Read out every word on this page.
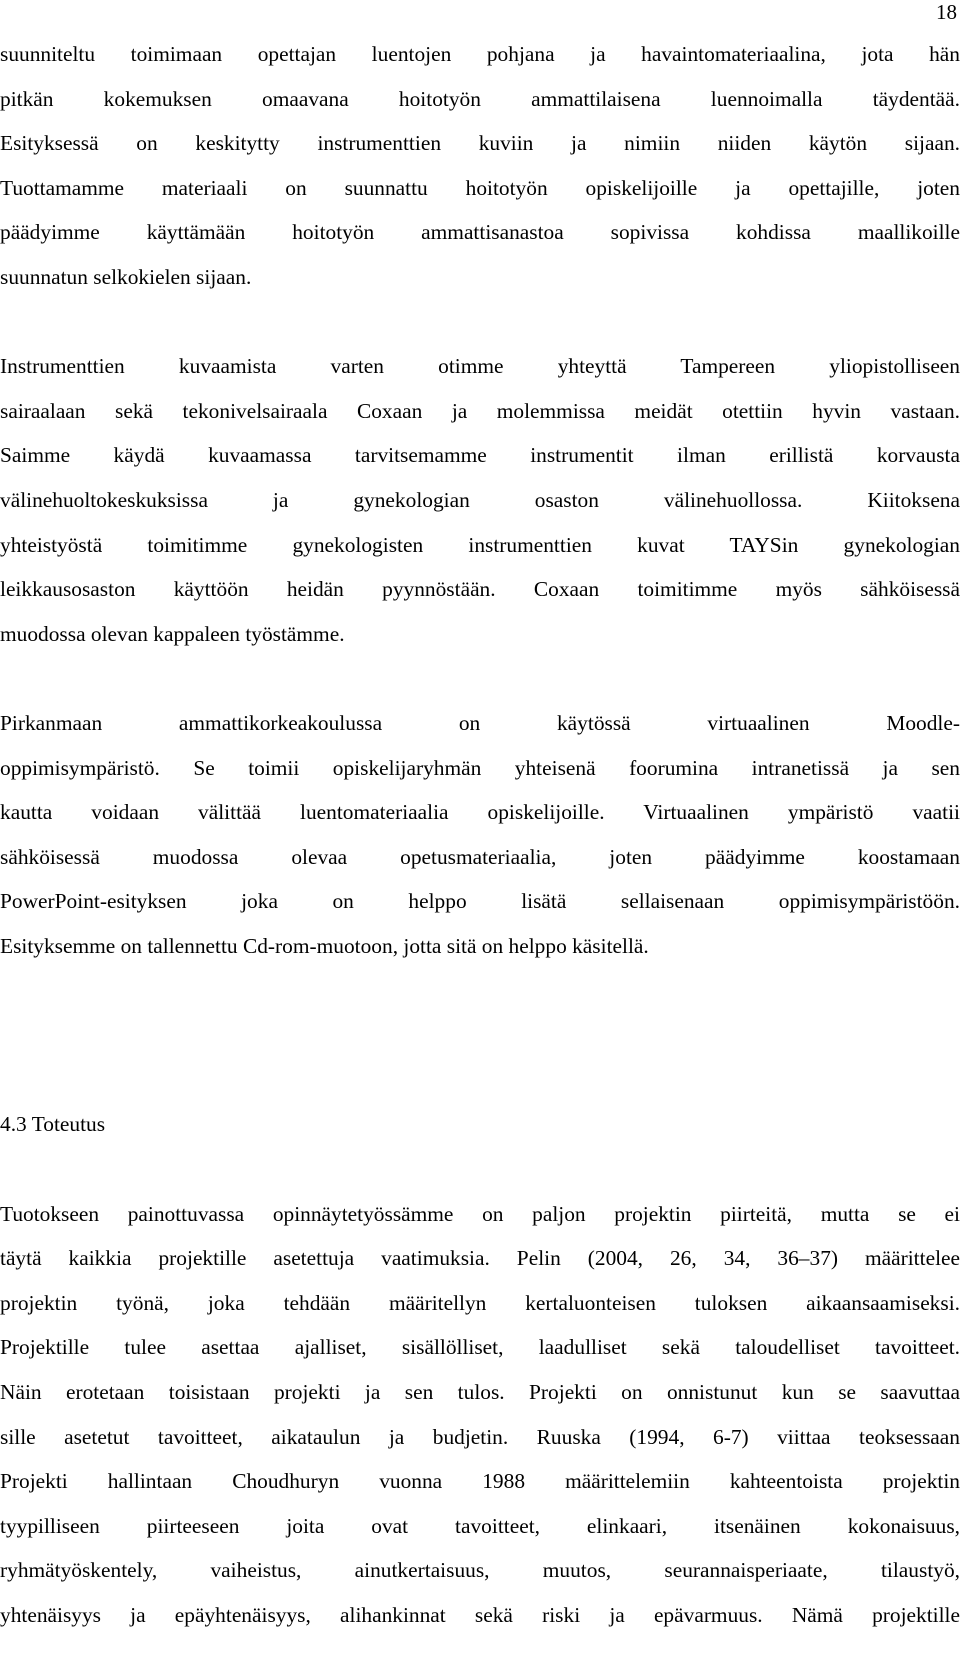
18
suunniteltu toimimaan opettajan luentojen pohjana ja havaintomateriaalina, jota hän
pitkän kokemuksen omaavana hoitotyön ammattilaisena luennoimalla täydentää.
Esityksessä on keskitytty instrumenttien kuviin ja nimiin niiden käytön sijaan.
Tuottamamme materiaali on suunnattu hoitotyön opiskelijoille ja opettajille, joten
päädyimme käyttämään hoitotyön ammattisanastoa sopivissa kohdissa maallikoille
suunnatun selkokielen sijaan.
Instrumenttien kuvaamista varten otimme yhteyttä Tampereen yliopistolliseen
sairaalaan sekä tekonivelsairaala Coxaan ja molemmissa meidät otettiin hyvin vastaan.
Saimme käydä kuvaamassa tarvitsemamme instrumentit ilman erillistä korvausta
välinehuoltokeskuksissa ja gynekologian osaston välinehuollossa. Kiitoksena
yhteistyöstä toimitimme gynekologisten instrumenttien kuvat TAYSin gynekologian
leikkausosaston käyttöön heidän pyynnöstään. Coxaan toimitimme myös sähköisessä
muodossa olevan kappaleen työstämme.
Pirkanmaan ammattikorkeakoulussa on käytössä virtuaalinen Moodle-
oppimisympäristö. Se toimii opiskelijaryhmän yhteisenä foorumina intranetissä ja sen
kautta voidaan välittää luentomateriaalia opiskelijoille. Virtuaalinen ympäristö vaatii
sähköisessä muodossa olevaa opetusmateriaalia, joten päädyimme koostamaan
PowerPoint-esityksen joka on helppo lisätä sellaisenaan oppimisympäristöön.
Esityksemme on tallennettu Cd-rom-muotoon, jotta sitä on helppo käsitellä.
4.3 Toteutus
Tuotokseen painottuvassa opinnäytetyössämme on paljon projektin piirteitä, mutta se ei
täytä kaikkia projektille asetettuja vaatimuksia. Pelin (2004, 26, 34, 36–37) määrittelee
projektin työnä, joka tehdään määritellyn kertaluonteisen tuloksen aikaansaamiseksi.
Projektille tulee asettaa ajalliset, sisällölliset, laadulliset sekä taloudelliset tavoitteet.
Näin erotetaan toisistaan projekti ja sen tulos. Projekti on onnistunut kun se saavuttaa
sille asetetut tavoitteet, aikataulun ja budjetin. Ruuska (1994, 6-7) viittaa teoksessaan
Projekti hallintaan Choudhuryn vuonna 1988 määrittelemiin kahteentoista projektin
tyypilliseen piirteeseen joita ovat tavoitteet, elinkaari, itsenäinen kokonaisuus,
ryhmätyöskentely, vaiheistus, ainutkertaisuus, muutos, seurannaisperiaate, tilaustyö,
yhtenäisyys ja epäyhtenäisyys, alihankinnat sekä riski ja epävarmuus. Nämä projektille
